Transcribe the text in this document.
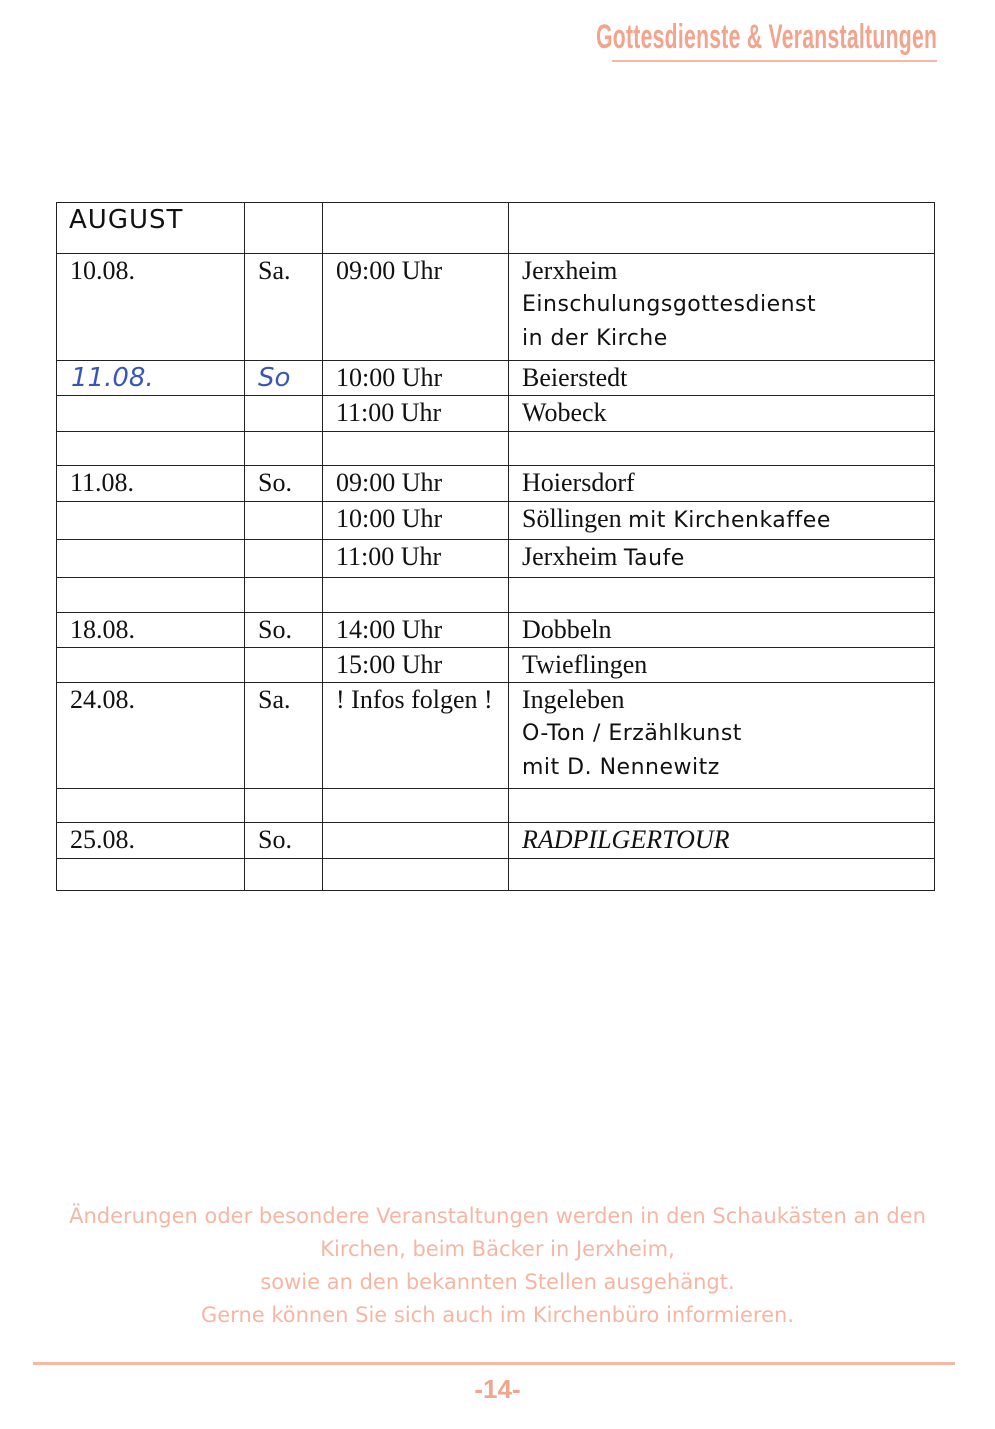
Gottesdienste & Veranstaltungen
AUGUST			
10.08.	Sa.	09:00 Uhr	Jerxheim
Einschulungsgottesdienst
in der Kirche

11.08.	So	10:00 Uhr	Beierstedt
		11:00 Uhr	Wobeck

11.08.	So.	09:00 Uhr	Hoiersdorf
		10:00 Uhr	Söllingen mit Kirchenkaffee
		11:00 Uhr	Jerxheim Taufe

18.08.	So.	14:00 Uhr	Dobbeln
		15:00 Uhr	Twieflingen
24.08.	Sa.	! Infos folgen !	Ingeleben
O-Ton / Erzählkunst
mit D. Nennewitz

25.08.	So.		RADPILGERTOUR

Änderungen oder besondere Veranstaltungen werden in den Schaukästen an den
Kirchen, beim Bäcker in Jerxheim,
sowie an den bekannten Stellen ausgehängt.
Gerne können Sie sich auch im Kirchenbüro informieren.
-14-
